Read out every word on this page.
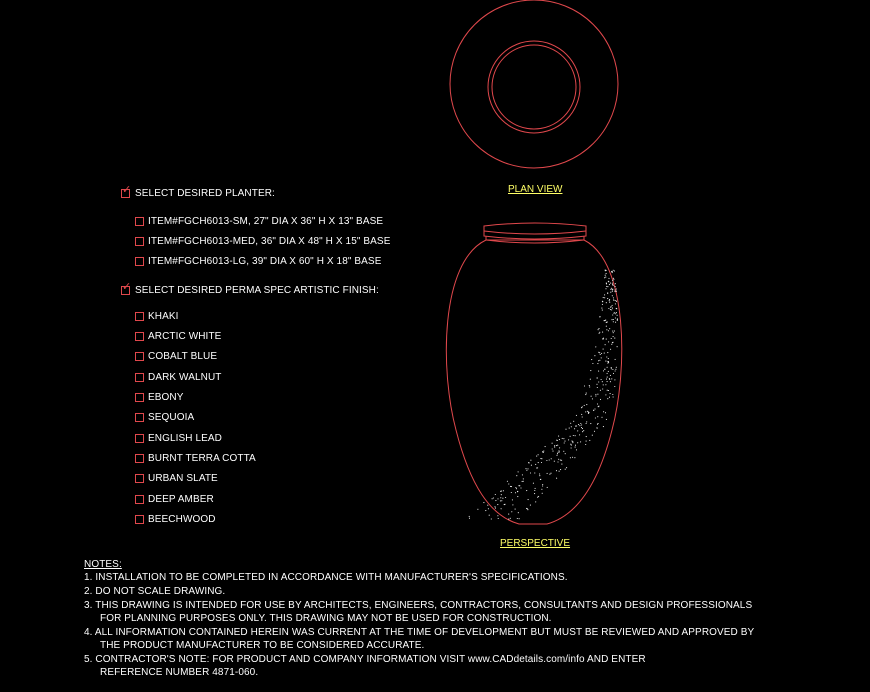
PLAN VIEW
PERSPECTIVE
✓ SELECT DESIRED PLANTER:
ITEM#FGCH6013-SM, 27" DIA X 36" H X 13" BASE
ITEM#FGCH6013-MED, 36" DIA X 48" H X 15" BASE
ITEM#FGCH6013-LG, 39" DIA X 60" H X 18" BASE
✓ SELECT DESIRED PERMA SPEC ARTISTIC FINISH:
KHAKI
ARCTIC WHITE
COBALT BLUE
DARK WALNUT
EBONY
SEQUOIA
ENGLISH LEAD
BURNT TERRA COTTA
URBAN SLATE
DEEP AMBER
BEECHWOOD
NOTES:
1. INSTALLATION TO BE COMPLETED IN ACCORDANCE WITH MANUFACTURER'S SPECIFICATIONS.
2. DO NOT SCALE DRAWING.
3. THIS DRAWING IS INTENDED FOR USE BY ARCHITECTS, ENGINEERS, CONTRACTORS, CONSULTANTS AND DESIGN PROFESSIONALS
FOR PLANNING PURPOSES ONLY. THIS DRAWING MAY NOT BE USED FOR CONSTRUCTION.
4. ALL INFORMATION CONTAINED HEREIN WAS CURRENT AT THE TIME OF DEVELOPMENT BUT MUST BE REVIEWED AND APPROVED BY
THE PRODUCT MANUFACTURER TO BE CONSIDERED ACCURATE.
5. CONTRACTOR'S NOTE: FOR PRODUCT AND COMPANY INFORMATION VISIT www.CADdetails.com/info AND ENTER
REFERENCE NUMBER 4871-060.
